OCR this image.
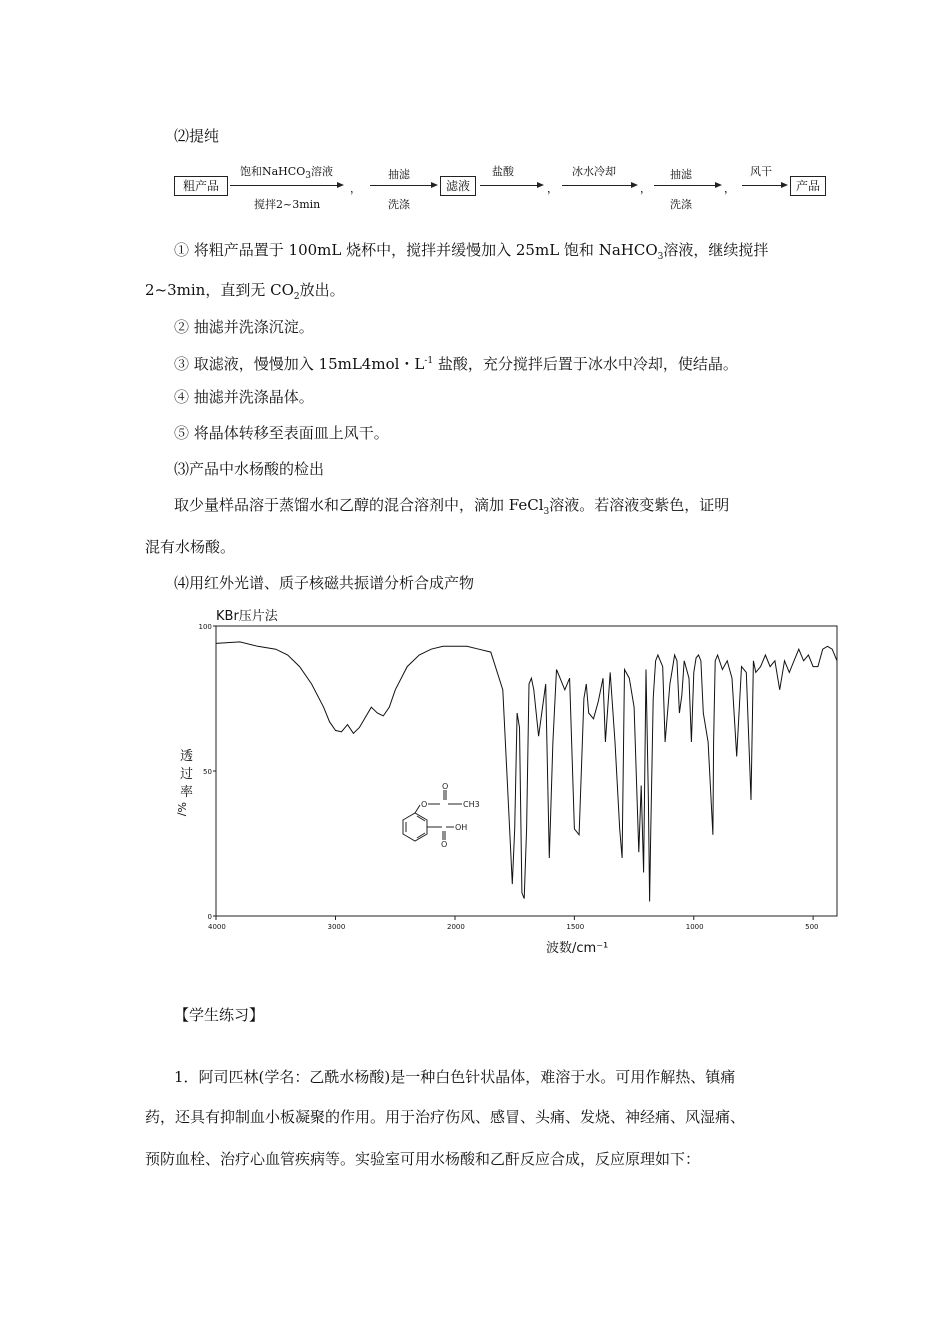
⑵提纯
粗产品
饱和NaHCO$_3$溶液
搅拌2~3min
，
抽滤
洗涤
滤液
盐酸
，
冰水冷却
，
抽滤
洗涤
，
风干
产品
① 将粗产品置于 100mL 烧杯中，搅拌并缓慢加入 25mL 饱和 NaHCO$_3$溶液，继续搅拌
2~3min，直到无 $CO_2$放出。
② 抽滤并洗涤沉淀。
③ 取滤液，慢慢加入 15mL4mol・$L^{-1}$ 盐酸，充分搅拌后置于冰水中冷却，使结晶。
④ 抽滤并洗涤晶体。
⑤ 将晶体转移至表面皿上风干。
⑶产品中水杨酸的检出
取少量样品溶于蒸馏水和乙醇的混合溶剂中，滴加 FeCl$_3$溶液。若溶液变紫色，证明
混有水杨酸。
⑷用红外光谱、质子核磁共振谱分析合成产物
KBr压片法
4000	3000	2000	1500	1000	500
100
50
0
透
过
率
%/
波数/cm⁻¹
O
O
CH3
O
OH
【学生练习】
1．阿司匹林(学名：乙酰水杨酸)是一种白色针状晶体，难溶于水。可用作解热、镇痛
药，还具有抑制血小板凝聚的作用。用于治疗伤风、感冒、头痛、发烧、神经痛、风湿痛、
预防血栓、治疗心血管疾病等。实验室可用水杨酸和乙酐反应合成，反应原理如下：
